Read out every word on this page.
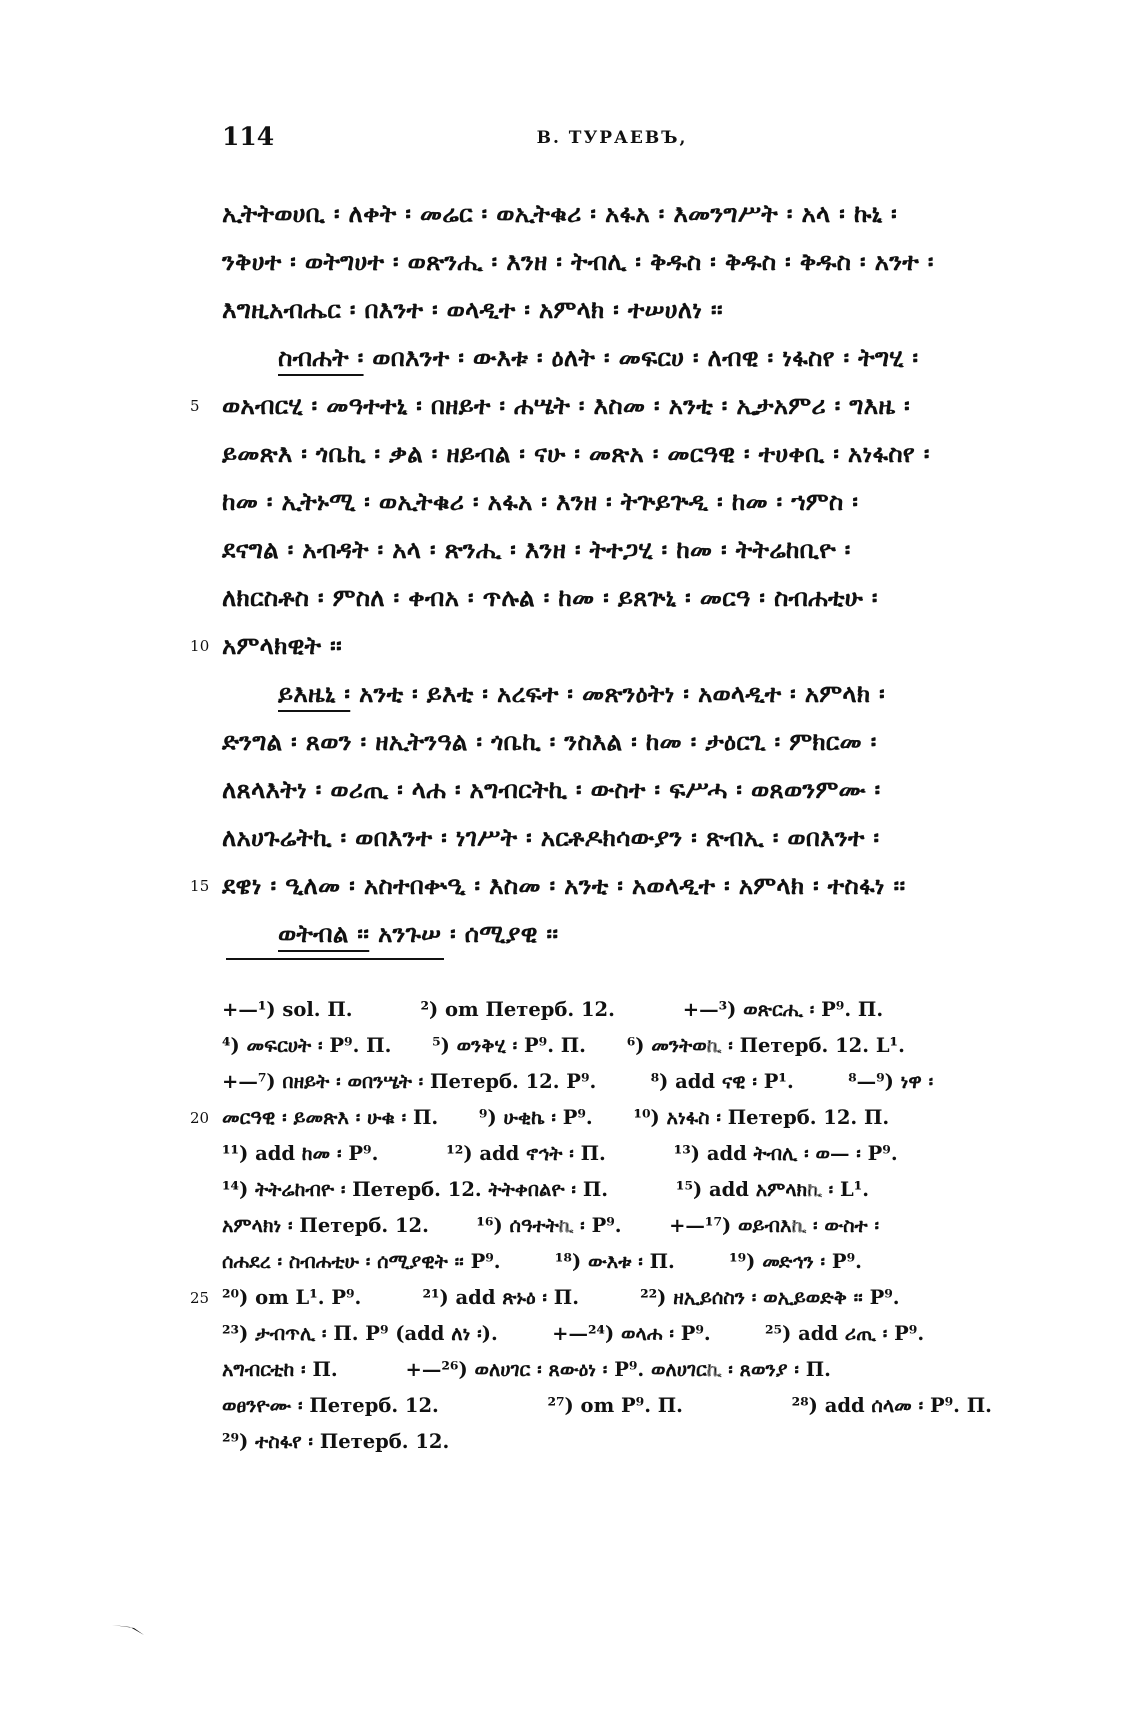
114	В. ТУРАЕВЪ,
ኢትትወሀቢ ፡ ለቀት ፡ መሬር ፡ ወኢትቁሪ ፡ አፋአ ፡ እመንግሥት ፡ አላ ፡ ኩኒ ፡
ንቅሀተ ፡ ወትግሀተ ፡ ወጽንሒ ፡ እንዘ ፡ ትብሊ ፡ ቅዱስ ፡ ቅዱስ ፡ ቅዱስ ፡ አንተ ፡
እግዚአብሔር ፡ በእንተ ፡ ወላዲተ ፡ አምላክ ፡ ተሠሀለነ ፡፡
ስብሐት ፡ ወበእንተ ፡ ውእቱ ፡ ዕለት ፡ መፍርሀ ፡ ለብዊ ፡ ነፋስየ ፡ ትግሂ ፡
5 ወአብርሂ ፡ መዓተተኒ ፡ በዘይተ ፡ ሐሤት ፡ እስመ ፡ አንቲ ፡ ኢታአምሪ ፡ ግእዜ ፡
ይመጽእ ፡ ጎቤኪ ፡ ቃል ፡ ዘይብል ፡ ናሁ ፡ መጽአ ፡ መርዓዊ ፡ ተሀቀቢ ፡ አነፋስየ ፡
ከመ ፡ ኢትኑሚ ፡ ወኢትቁሪ ፡ አፋአ ፡ እንዘ ፡ ትጕይጕዲ ፡ ከመ ፡ ኀምስ ፡
ደናግል ፡ አብዳት ፡ አላ ፡ ጽንሒ ፡ እንዘ ፡ ትተጋሂ ፡ ከመ ፡ ትትሬከቢዮ ፡
ለክርስቶስ ፡ ምስለ ፡ ቀብአ ፡ ጥሉል ፡ ከመ ፡ ይጸጕኒ ፡ መርዓ ፡ ስብሐቲሁ ፡
10 አምላክዊት ፡፡
ይእዜኒ ፡ አንቲ ፡ ይእቲ ፡ አረፍተ ፡ መጽንዕትነ ፡ አወላዲተ ፡ አምላክ ፡
ድንግል ፡ ጸወን ፡ ዘኢትንዓል ፡ ጎቤኪ ፡ ንስእል ፡ ከመ ፡ ታዕርጊ ፡ ምክርመ ፡
ለጸላእትነ ፡ ወሪጢ ፡ ላሐ ፡ አግብርትኪ ፡ ውስተ ፡ ፍሥሓ ፡ ወጸወንምሙ ፡
ለአሀጉሬትኪ ፡ ወበእንተ ፡ ነገሥት ፡ አርቶዶክሳውያን ፡ ጽብኢ ፡ ወበእንተ ፡
15 ደዌነ ፡ ዒለመ ፡ አስተበቍዒ ፡ እስመ ፡ አንቲ ፡ አወላዲተ ፡ አምላክ ፡ ተስፋነ ፡፡
ወትብል ፡፡ አንጉሠ ፡ ሰሚያዊ ፡፡
+—¹) sol. П.          ²) om Петерб. 12.          +—³) ወጽርሒ ፡ P⁹. П.
⁴) መፍርሀት ፡ P⁹. П.      ⁵) ወንቅሂ ፡ P⁹. П.      ⁶) መንትወኪ ፡ Петерб. 12. L¹.
+—⁷) በዘይት ፡ ወበንሤት ፡ Петерб. 12. P⁹.        ⁸) add ናዊ ፡ P¹.        ⁸—⁹) ነዋ ፡
20 መርዓዊ ፡ ይመጽእ ፡ ሁቁ ፡ П.      ⁹) ሁቂኬ ፡ P⁹.      ¹⁰) አነፋስ ፡ Петерб. 12. П.
¹¹) add ከመ ፡ P⁹.          ¹²) add ኖኅት ፡ П.          ¹³) add ትብሊ ፡ ወ— ፡ P⁹.
¹⁴) ትትሬከብዮ ፡ Петерб. 12. ትትቀበልዮ ፡ П.          ¹⁵) add አምላክኪ ፡ L¹.
አምላክነ ፡ Петерб. 12.       ¹⁶) ሰዓተትኪ ፡ P⁹.       +—¹⁷) ወይብእኪ ፡ ውስተ ፡
ሰሐደረ ፡ ስብሐቲሁ ፡ ሰሚያዊት ፡፡ P⁹.        ¹⁸) ውእቱ ፡ П.        ¹⁹) መድኅን ፡ P⁹.
25 ²⁰) om L¹. P⁹.         ²¹) add ጽኑዕ ፡ П.         ²²) ዘኢይሰስን ፡ ወኢይወድቅ ፡፡ P⁹.
²³) ታብጥሊ ፡ П. P⁹ (add ለነ ፡).        +—²⁴) ወላሐ ፡ P⁹.        ²⁵) add ሪጢ ፡ P⁹.
አግብርቲከ ፡ П.          +—²⁶) ወለሀገር ፡ ጸውዕነ ፡ P⁹. ወለሀገርኪ ፡ ጸወንያ ፡ П.
ወፀንዮሙ ፡ Петерб. 12.                ²⁷) om P⁹. П.                ²⁸) add ሰላመ ፡ P⁹. П.
²⁹) ተስፋየ ፡ Петерб. 12.
